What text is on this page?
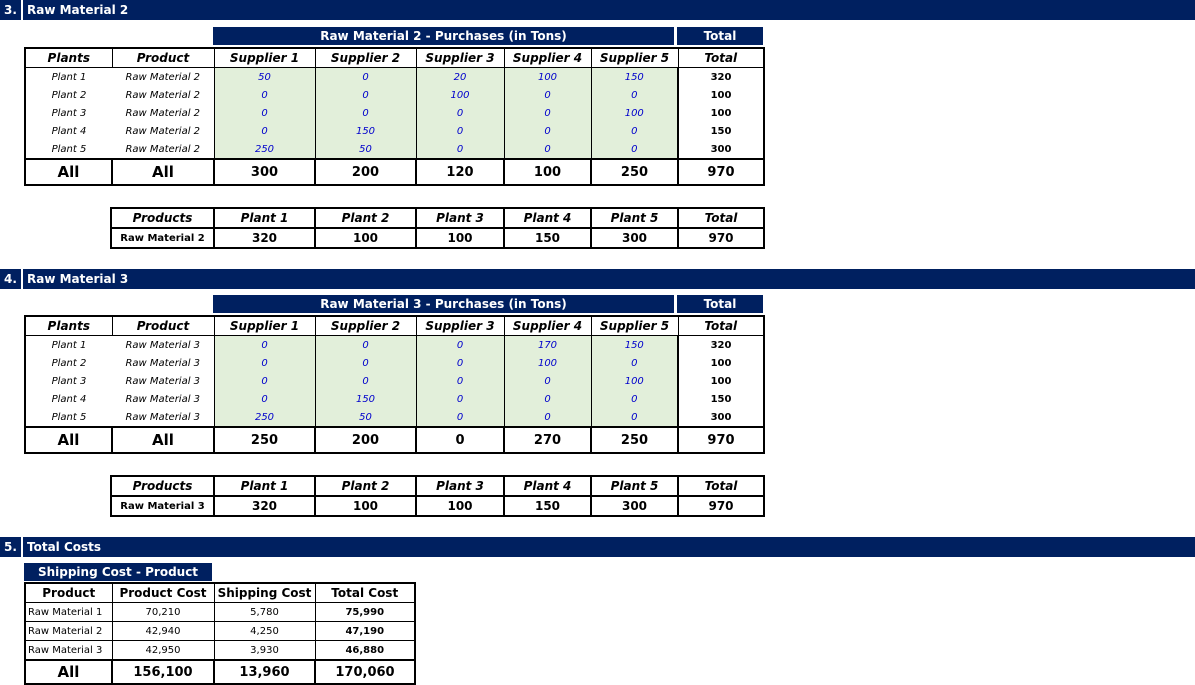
3. Raw Material 2
Raw Material 2 - Purchases (in Tons)	Total
Plants	Product	Supplier 1	Supplier 2	Supplier 3	Supplier 4	Supplier 5	Total
Plant 1	Raw Material 2	50	0	20	100	150	320
Plant 2	Raw Material 2	0	0	100	0	0	100
Plant 3	Raw Material 2	0	0	0	0	100	100
Plant 4	Raw Material 2	0	150	0	0	0	150
Plant 5	Raw Material 2	250	50	0	0	0	300
All	All	300	200	120	100	250	970
Products	Plant 1	Plant 2	Plant 3	Plant 4	Plant 5	Total
Raw Material 2	320	100	100	150	300	970
4. Raw Material 3
Raw Material 3 - Purchases (in Tons)	Total
Plants	Product	Supplier 1	Supplier 2	Supplier 3	Supplier 4	Supplier 5	Total
Plant 1	Raw Material 3	0	0	0	170	150	320
Plant 2	Raw Material 3	0	0	0	100	0	100
Plant 3	Raw Material 3	0	0	0	0	100	100
Plant 4	Raw Material 3	0	150	0	0	0	150
Plant 5	Raw Material 3	250	50	0	0	0	300
All	All	250	200	0	270	250	970
Products	Plant 1	Plant 2	Plant 3	Plant 4	Plant 5	Total
Raw Material 3	320	100	100	150	300	970
5. Total Costs
Shipping Cost - Product
Product	Product Cost	Shipping Cost	Total Cost
Raw Material 1	70,210	5,780	75,990
Raw Material 2	42,940	4,250	47,190
Raw Material 3	42,950	3,930	46,880
All	156,100	13,960	170,060
